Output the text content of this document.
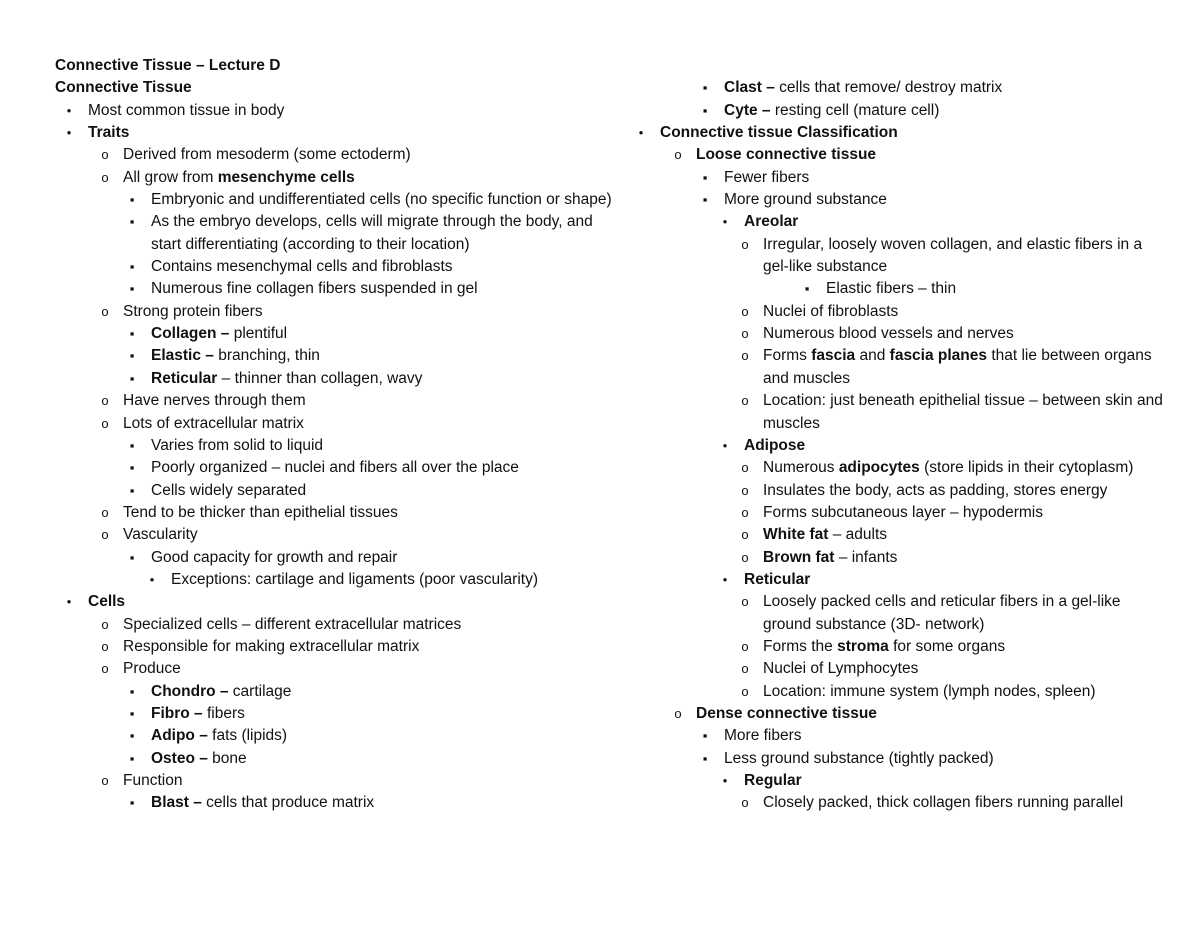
Connective Tissue – Lecture D
Connective Tissue
●
Most common tissue in body
●
Traits
o
Derived from mesoderm (some ectoderm)
o
All grow from mesenchyme cells
▪
Embryonic and undifferentiated cells (no specific function or shape)
▪
As the embryo develops, cells will migrate through the body, and start differentiating (according to their location)
▪
Contains mesenchymal cells and fibroblasts
▪
Numerous fine collagen fibers suspended in gel
o
Strong protein fibers
▪
Collagen – plentiful
▪
Elastic – branching, thin
▪
Reticular – thinner than collagen, wavy
o
Have nerves through them
o
Lots of extracellular matrix
▪
Varies from solid to liquid
▪
Poorly organized – nuclei and fibers all over the place
▪
Cells widely separated
o
Tend to be thicker than epithelial tissues
o
Vascularity
▪
Good capacity for growth and repair
●
Exceptions: cartilage and ligaments (poor vascularity)
●
Cells
o
Specialized cells – different extracellular matrices
o
Responsible for making extracellular matrix
o
Produce
▪
Chondro – cartilage
▪
Fibro – fibers
▪
Adipo – fats (lipids)
▪
Osteo – bone
o
Function
▪
Blast – cells that produce matrix

▪
Clast – cells that remove/ destroy matrix
▪
Cyte – resting cell (mature cell)
●
Connective tissue Classification
o
Loose connective tissue
▪
Fewer fibers
▪
More ground substance
●
Areolar
o
Irregular, loosely woven collagen, and elastic fibers in a gel-like substance
▪
Elastic fibers – thin
o
Nuclei of fibroblasts
o
Numerous blood vessels and nerves
o
Forms fascia and fascia planes that lie between organs and muscles
o
Location: just beneath epithelial tissue – between skin and muscles
●
Adipose
o
Numerous adipocytes (store lipids in their cytoplasm)
o
Insulates the body, acts as padding, stores energy
o
Forms subcutaneous layer – hypodermis
o
White fat – adults
o
Brown fat – infants
●
Reticular
o
Loosely packed cells and reticular fibers in a gel-like ground substance (3D- network)
o
Forms the stroma for some organs
o
Nuclei of Lymphocytes
o
Location: immune system (lymph nodes, spleen)
o
Dense connective tissue
▪
More fibers
▪
Less ground substance (tightly packed)
●
Regular
o
Closely packed, thick collagen fibers running parallel
